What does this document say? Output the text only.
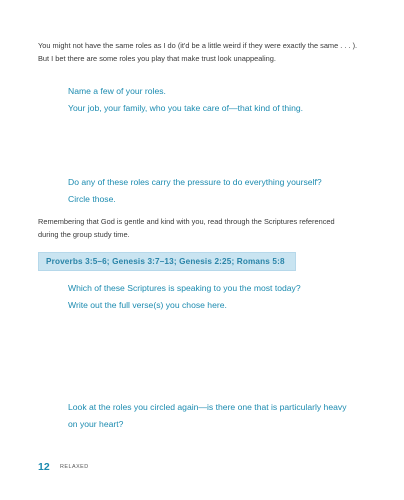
You might not have the same roles as I do (it'd be a little weird if they were exactly the same . . . ).
But I bet there are some roles you play that make trust look unappealing.

Name a few of your roles.
Your job, your family, who you take care of—that kind of thing.
Do any of these roles carry the pressure to do everything yourself?
Circle those.

Remembering that God is gentle and kind with you, read through the Scriptures referenced
during the group study time.

Proverbs 3:5–6; Genesis 3:7–13; Genesis 2:25; Romans 5:8
Which of these Scriptures is speaking to you the most today?
Write out the full verse(s) you chose here.
Look at the roles you circled again—is there one that is particularly heavy
on your heart?
12 RELAXED
